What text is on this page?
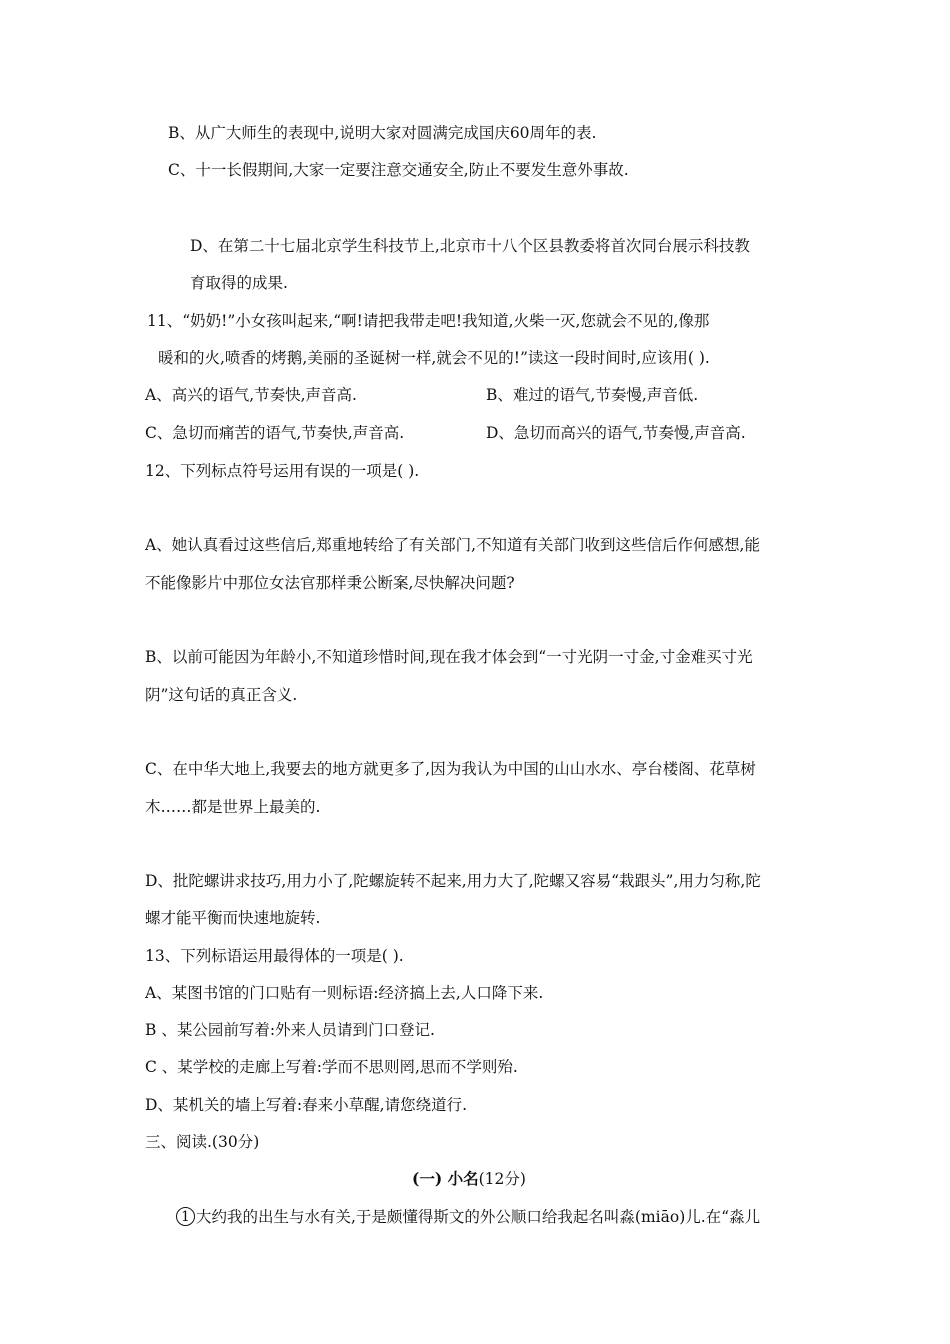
B、从广大师生的表现中,说明大家对圆满完成国庆60周年的表.
C、十一长假期间,大家一定要注意交通安全,防止不要发生意外事故.
D、在第二十七届北京学生科技节上,北京市十八个区县教委将首次同台展示科技教
育取得的成果.
11、“奶奶!”小女孩叫起来,“啊!请把我带走吧!我知道,火柴一灭,您就会不见的,像那
暖和的火,喷香的烤鹅,美丽的圣诞树一样,就会不见的!”读这一段时间时,应该用( ).
A、高兴的语气,节奏快,声音高.	B、难过的语气,节奏慢,声音低.
C、急切而痛苦的语气,节奏快,声音高.	D、急切而高兴的语气,节奏慢,声音高.
12、下列标点符号运用有误的一项是( ).
A、她认真看过这些信后,郑重地转给了有关部门,不知道有关部门收到这些信后作何感想,能
不能像影片中那位女法官那样秉公断案,尽快解决问题?
B、以前可能因为年龄小,不知道珍惜时间,现在我才体会到“一寸光阴一寸金,寸金难买寸光
阴”这句话的真正含义.
C、在中华大地上,我要去的地方就更多了,因为我认为中国的山山水水、亭台楼阁、花草树
木……都是世界上最美的.
D、批陀螺讲求技巧,用力小了,陀螺旋转不起来,用力大了,陀螺又容易“栽跟头”,用力匀称,陀
螺才能平衡而快速地旋转.
13、下列标语运用最得体的一项是( ).
A、某图书馆的门口贴有一则标语:经济搞上去,人口降下来.
B 、某公园前写着:外来人员请到门口登记.
C 、某学校的走廊上写着:学而不思则罔,思而不学则殆.
D、某机关的墙上写着:春来小草醒,请您绕道行.
三、阅读.(30分)
(一) 小名(12分)
1 大约我的出生与水有关,于是颇懂得斯文的外公顺口给我起名叫淼(miāo)儿.在“淼儿
